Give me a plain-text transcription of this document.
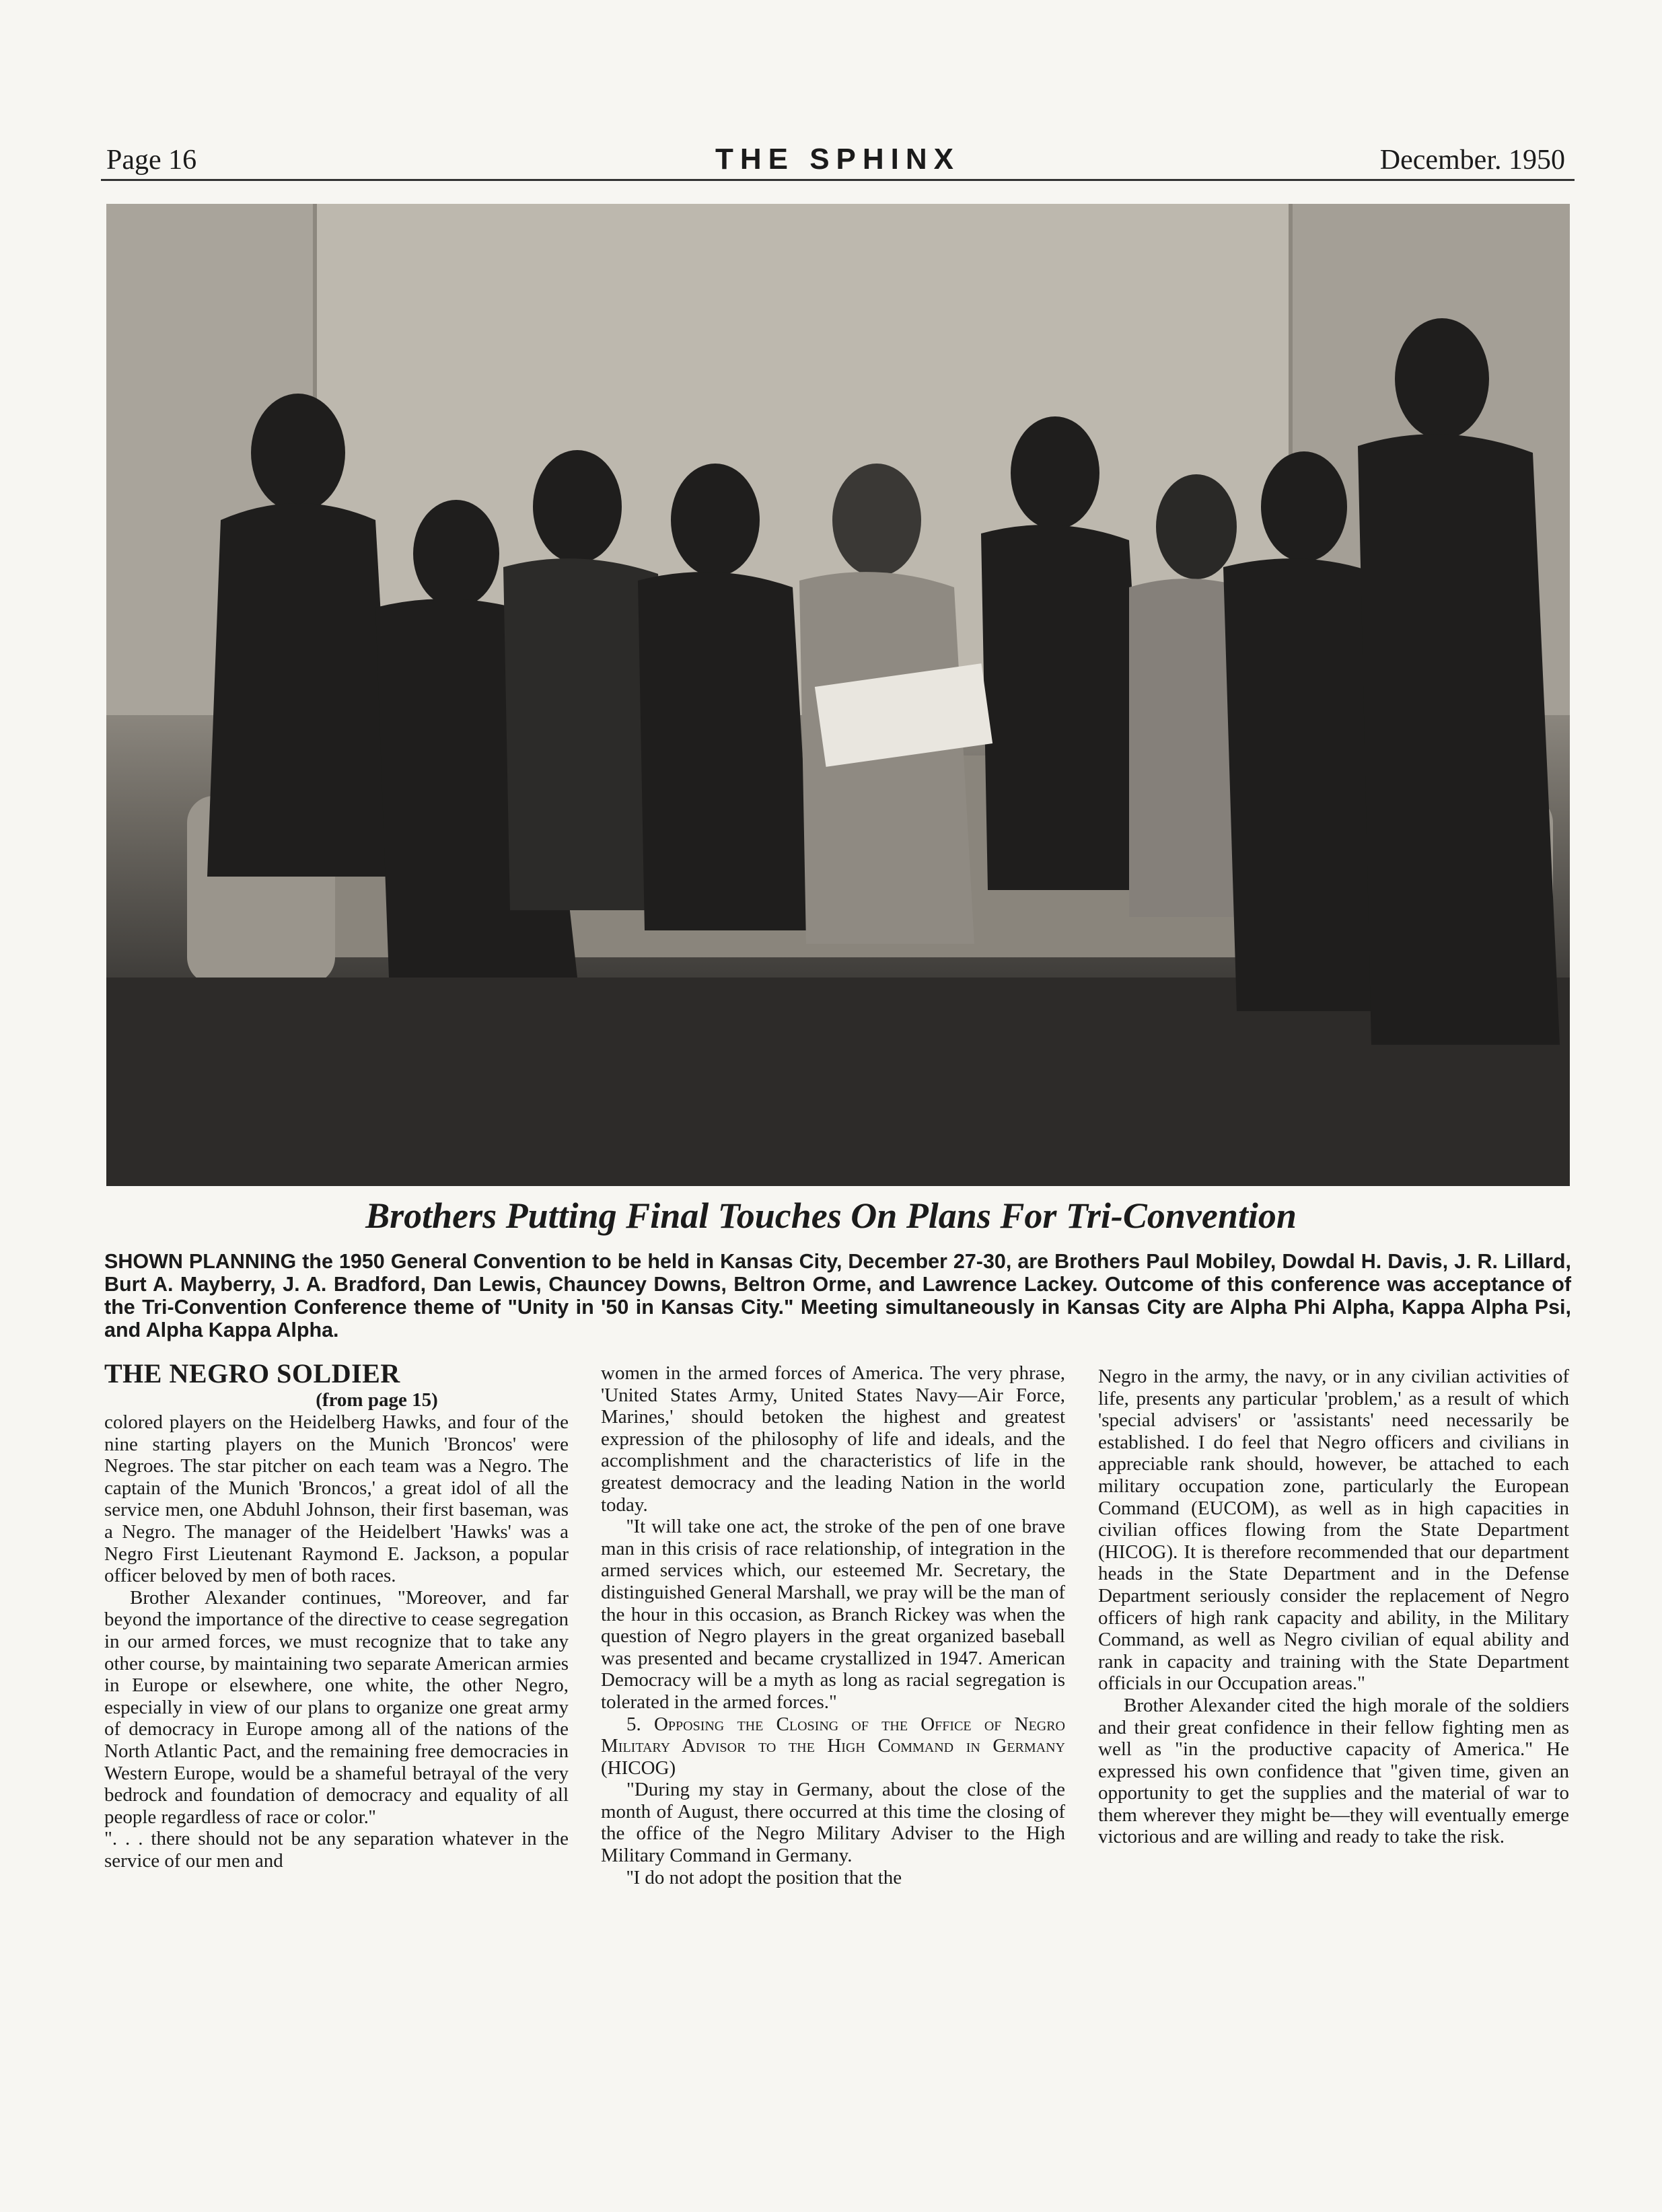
Page 16	THE SPHINX	December. 1950
Brothers Putting Final Touches On Plans For Tri-Convention
SHOWN PLANNING the 1950 General Convention to be held in Kansas City, December 27-30, are Brothers Paul Mobiley, Dowdal H. Davis, J. R. Lillard, Burt A. Mayberry, J. A. Bradford, Dan Lewis, Chauncey Downs, Beltron Orme, and Lawrence Lackey. Outcome of this conference was acceptance of the Tri-Convention Conference theme of "Unity in '50 in Kansas City." Meeting simultaneously in Kansas City are Alpha Phi Alpha, Kappa Alpha Psi, and Alpha Kappa Alpha.

THE NEGRO SOLDIER

(from page 15)

colored players on the Heidelberg Hawks, and four of the nine starting players on the Munich 'Broncos' were Negroes. The star pitcher on each team was a Negro. The captain of the Munich 'Broncos,' a great idol of all the service men, one Abduhl Johnson, their first baseman, was a Negro. The manager of the Heidelbert 'Hawks' was a Negro First Lieutenant Raymond E. Jackson, a popular officer beloved by men of both races.

Brother Alexander continues, "Moreover, and far beyond the importance of the directive to cease segregation in our armed forces, we must recognize that to take any other course, by maintaining two separate American armies in Europe or elsewhere, one white, the other Negro, especially in view of our plans to organize one great army of democracy in Europe among all of the nations of the North Atlantic Pact, and the remaining free democracies in Western Europe, would be a shameful betrayal of the very bedrock and foundation of democracy and equality of all people regardless of race or color.''

". . . there should not be any separation whatever in the service of our men and

women in the armed forces of America. The very phrase, 'United States Army, United States Navy—Air Force, Marines,' should betoken the highest and greatest expression of the philosophy of life and ideals, and the accomplishment and the characteristics of life in the greatest democracy and the leading Nation in the world today.

''It will take one act, the stroke of the pen of one brave man in this crisis of race relationship, of integration in the armed services which, our esteemed Mr. Secretary, the distinguished General Marshall, we pray will be the man of the hour in this occasion, as Branch Rickey was when the question of Negro players in the great organized baseball was presented and became crystallized in 1947. American Democracy will be a myth as long as racial segregation is tolerated in the armed forces."

5. Opposing the Closing of the Office of Negro Military Advisor to the High Command in Germany (HICOG)

"During my stay in Germany, about the close of the month of August, there occurred at this time the closing of the office of the Negro Military Adviser to the High Military Command in Germany.

''I do not adopt the position that the

Negro in the army, the navy, or in any civilian activities of life, presents any particular 'problem,' as a result of which 'special advisers' or 'assistants' need necessarily be established. I do feel that Negro officers and civilians in appreciable rank should, however, be attached to each military occupation zone, particularly the European Command (EUCOM), as well as in high capacities in civilian offices flowing from the State Department (HICOG). It is therefore recommended that our department heads in the State Department and in the Defense Department seriously consider the replacement of Negro officers of high rank capacity and ability, in the Military Command, as well as Negro civilian of equal ability and rank in capacity and training with the State Department officials in our Occupation areas."

Brother Alexander cited the high morale of the soldiers and their great confidence in their fellow fighting men as well as "in the productive capacity of America." He expressed his own confidence that "given time, given an opportunity to get the supplies and the material of war to them wherever they might be—they will eventually emerge victorious and are willing and ready to take the risk.
